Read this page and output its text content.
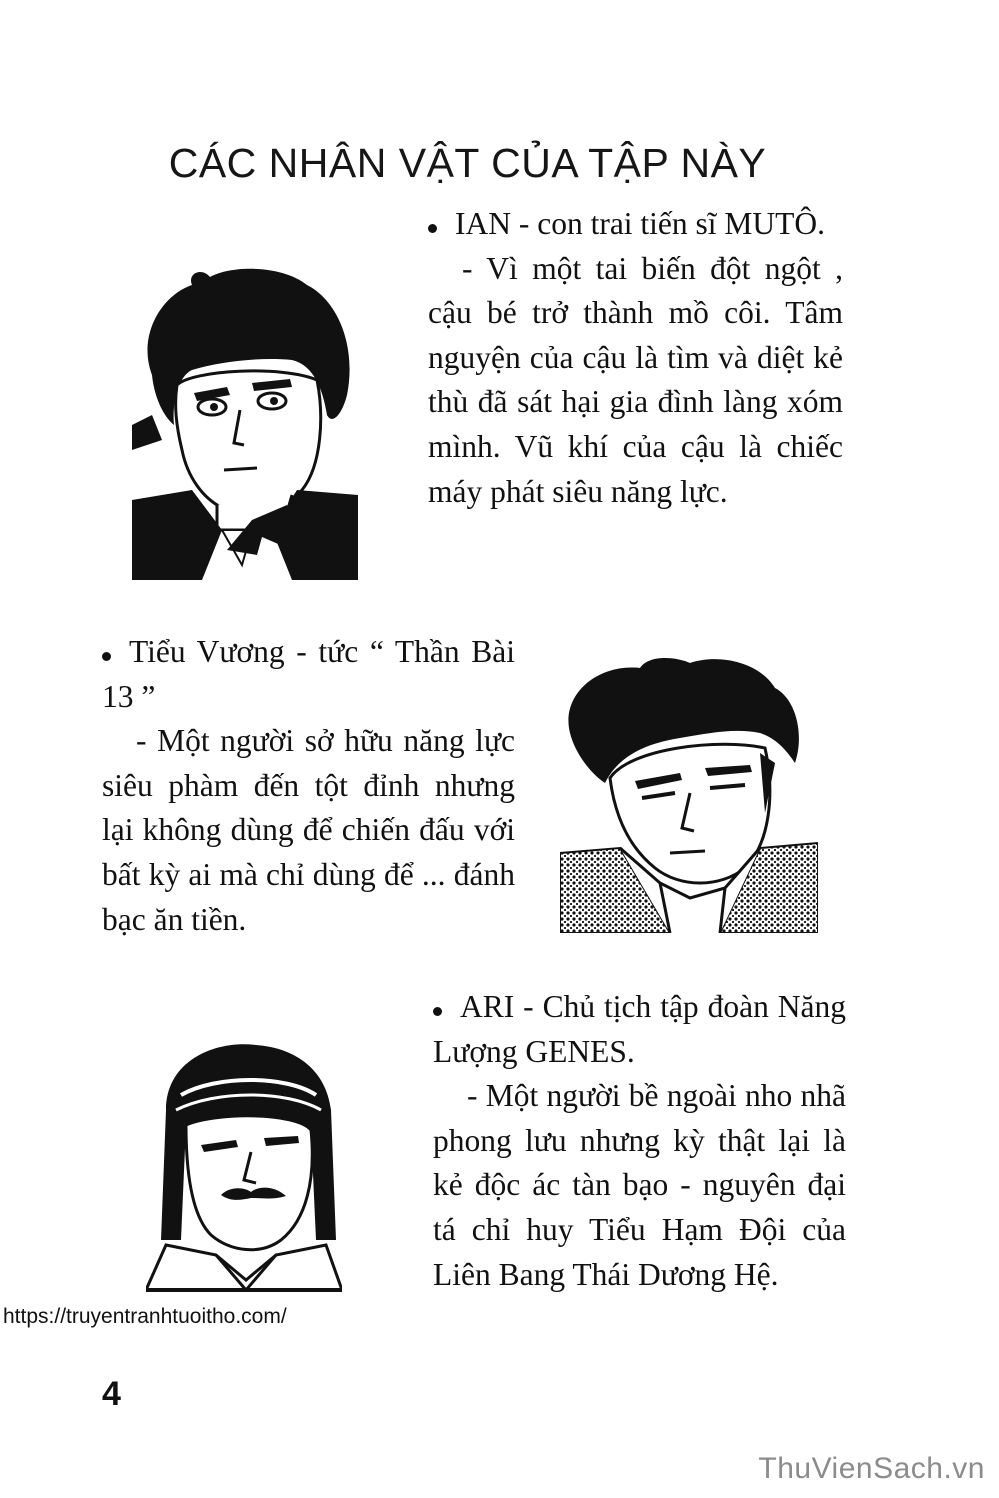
CÁC NHÂN VẬT CỦA TẬP NÀY

IAN - con trai tiến sĩ MUTÔ.

- Vì một tai biến đột ngột , cậu bé trở thành mồ côi. Tâm nguyện của cậu là tìm và diệt kẻ thù đã sát hại gia đình làng xóm mình. Vũ khí của cậu là chiếc máy phát siêu năng lực.

Tiểu Vương - tức “ Thần Bài 13 ”

- Một người sở hữu năng lực siêu phàm đến tột đỉnh nhưng lại không dùng để chiến đấu với bất kỳ ai mà chỉ dùng để ... đánh bạc ăn tiền.

ARI - Chủ tịch tập đoàn Năng Lượng GENES.

- Một người bề ngoài nho nhã phong lưu nhưng kỳ thật lại là kẻ độc ác tàn bạo - nguyên đại tá chỉ huy Tiểu Hạm Đội của Liên Bang Thái Dương Hệ.

https://truyentranhtuoitho.com/
4
ThuVienSach.vn
